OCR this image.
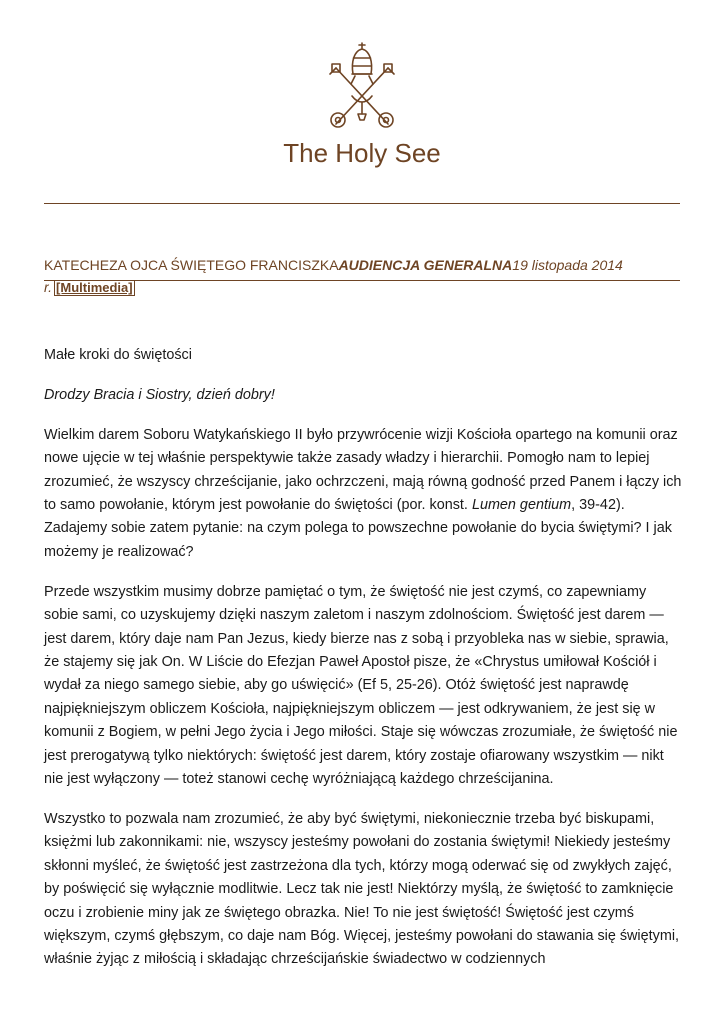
The Holy See
KATECHEZA OJCA ŚWIĘTEGO FRANCISZKAAUDIENCJA GENERALNA19 listopada 2014
r. [Multimedia]

Małe kroki do świętości

Drodzy Bracia i Siostry, dzień dobry!

Wielkim darem Soboru Watykańskiego II było przywrócenie wizji Kościoła opartego na komunii oraz nowe ujęcie w tej właśnie perspektywie także zasady władzy i hierarchii. Pomogło nam to lepiej zrozumieć, że wszyscy chrześcijanie, jako ochrzczeni, mają równą godność przed Panem i łączy ich to samo powołanie, którym jest powołanie do świętości (por. konst. Lumen gentium, 39-42). Zadajemy sobie zatem pytanie: na czym polega to powszechne powołanie do bycia świętymi? I jak możemy je realizować?

Przede wszystkim musimy dobrze pamiętać o tym, że świętość nie jest czymś, co zapewniamy sobie sami, co uzyskujemy dzięki naszym zaletom i naszym zdolnościom. Świętość jest darem — jest darem, który daje nam Pan Jezus, kiedy bierze nas z sobą i przyobleka nas w siebie, sprawia, że stajemy się jak On. W Liście do Efezjan Paweł Apostoł pisze, że «Chrystus umiłował Kościół i wydał za niego samego siebie, aby go uświęcić» (Ef 5, 25-26). Otóż świętość jest naprawdę najpiękniejszym obliczem Kościoła, najpiękniejszym obliczem — jest odkrywaniem, że jest się w komunii z Bogiem, w pełni Jego życia i Jego miłości. Staje się wówczas zrozumiałe, że świętość nie jest prerogatywą tylko niektórych: świętość jest darem, który zostaje ofiarowany wszystkim — nikt nie jest wyłączony — toteż stanowi cechę wyróżniającą każdego chrześcijanina.

Wszystko to pozwala nam zrozumieć, że aby być świętymi, niekoniecznie trzeba być biskupami, księżmi lub zakonnikami: nie, wszyscy jesteśmy powołani do zostania świętymi! Niekiedy jesteśmy skłonni myśleć, że świętość jest zastrzeżona dla tych, którzy mogą oderwać się od zwykłych zajęć, by poświęcić się wyłącznie modlitwie. Lecz tak nie jest! Niektórzy myślą, że świętość to zamknięcie oczu i zrobienie miny jak ze świętego obrazka. Nie! To nie jest świętość! Świętość jest czymś większym, czymś głębszym, co daje nam Bóg. Więcej, jesteśmy powołani do stawania się świętymi, właśnie żyjąc z miłością i składając chrześcijańskie świadectwo w codziennych
